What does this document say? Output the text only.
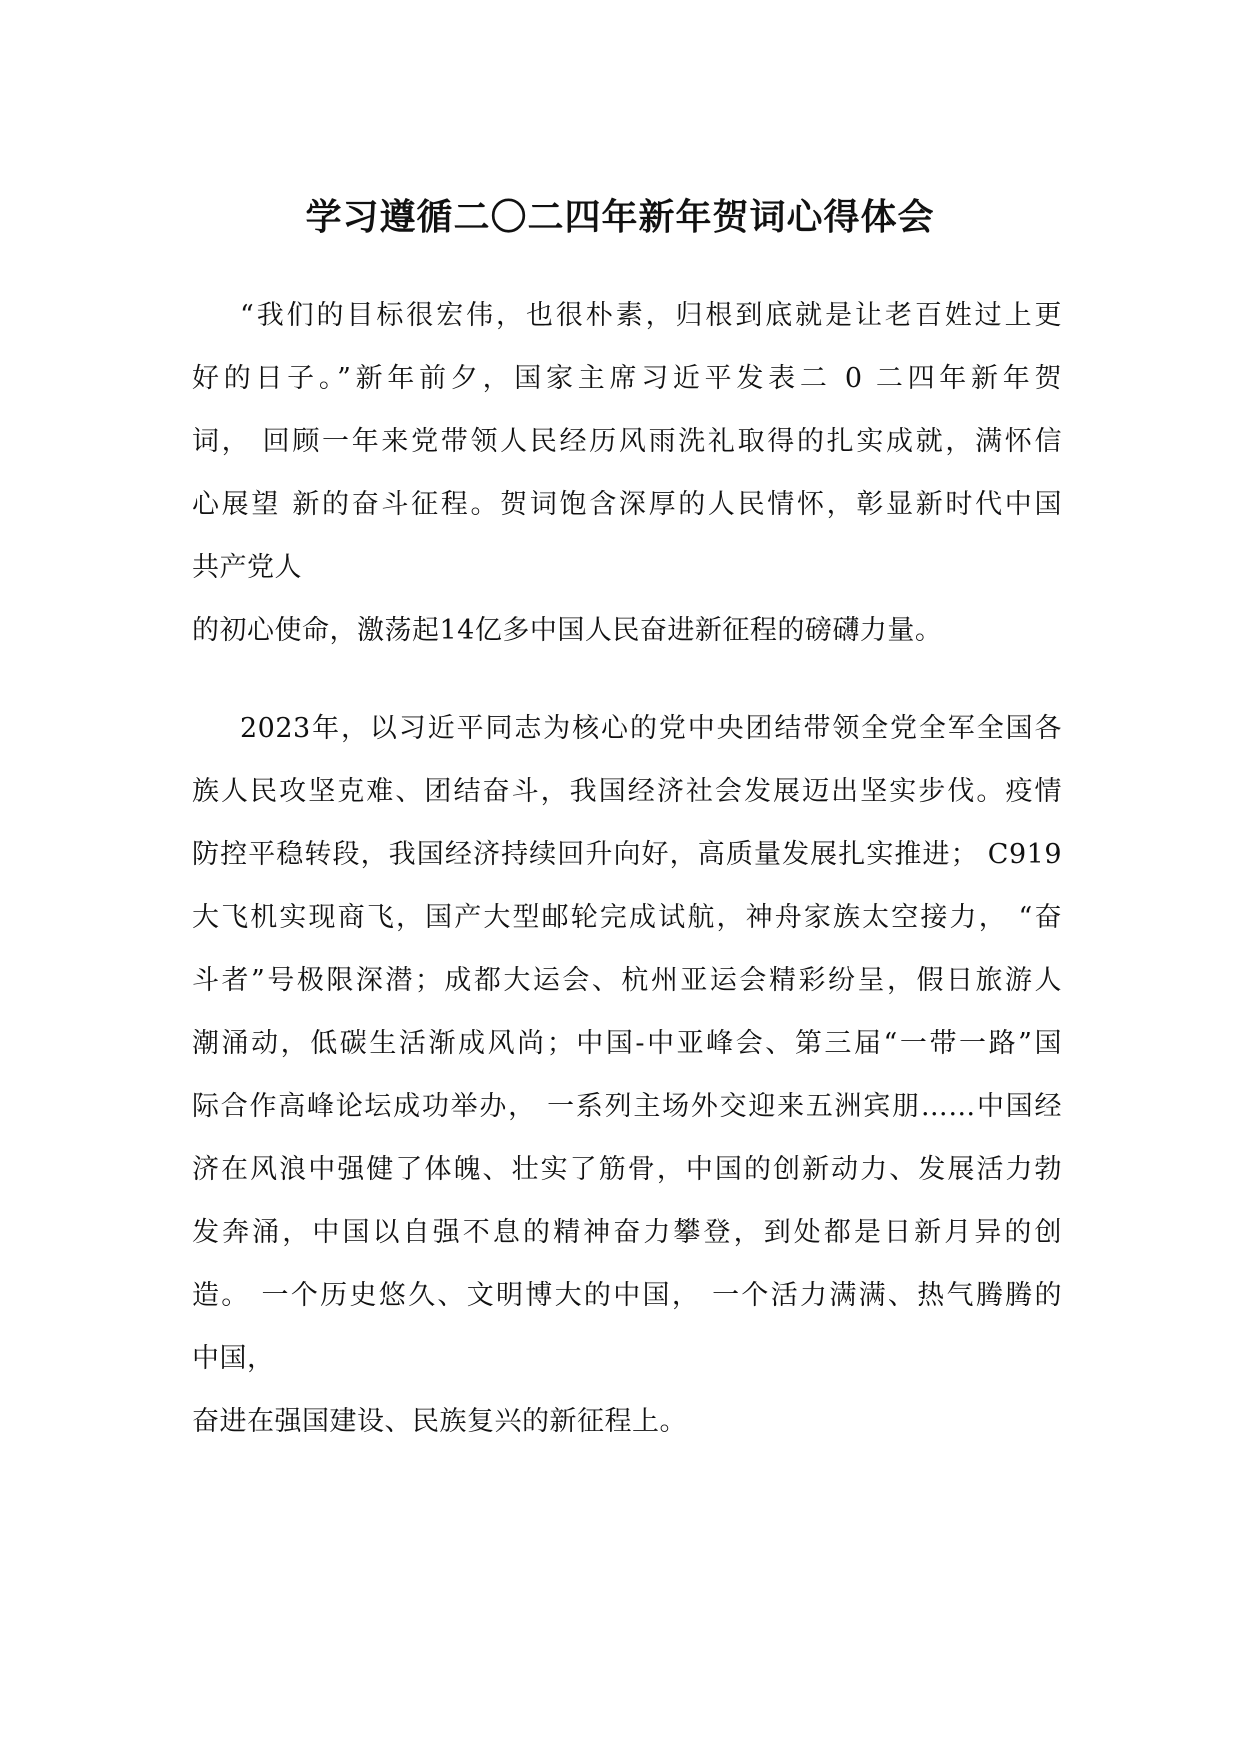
学习遵循二〇二四年新年贺词心得体会
“我们的目标很宏伟，也很朴素，归根到底就是让老百姓过上更
好的日子。”新年前夕，国家主席习近平发表二 0 二四年新年贺
词， 回顾一年来党带领人民经历风雨洗礼取得的扎实成就，满怀信
心展望 新的奋斗征程。贺词饱含深厚的人民情怀，彰显新时代中国
共产党人
的初心使命，激荡起14亿多中国人民奋进新征程的磅礴力量。
2023年，以习近平同志为核心的党中央团结带领全党全军全国各
族人民攻坚克难、团结奋斗，我国经济社会发展迈出坚实步伐。疫情
防控平稳转段，我国经济持续回升向好，高质量发展扎实推进； C919
大飞机实现商飞，国产大型邮轮完成试航，神舟家族太空接力， “奋
斗者”号极限深潜；成都大运会、杭州亚运会精彩纷呈，假日旅游人
潮涌动，低碳生活渐成风尚；中国-中亚峰会、第三届“一带一路”国
际合作高峰论坛成功举办， 一系列主场外交迎来五洲宾朋……中国经
济在风浪中强健了体魄、壮实了筋骨，中国的创新动力、发展活力勃
发奔涌，中国以自强不息的精神奋力攀登，到处都是日新月异的创
造。 一个历史悠久、文明博大的中国， 一个活力满满、热气腾腾的
中国，
奋进在强国建设、民族复兴的新征程上。
